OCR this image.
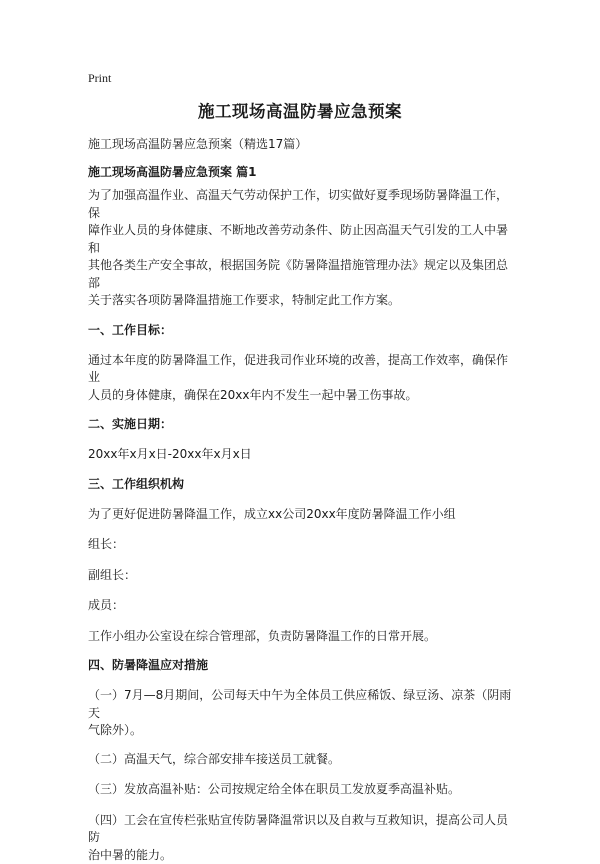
Print
施工现场高温防暑应急预案
施工现场高温防暑应急预案（精选17篇）
施工现场高温防暑应急预案 篇1
为了加强高温作业、高温天气劳动保护工作，切实做好夏季现场防暑降温工作，保
障作业人员的身体健康、不断地改善劳动条件、防止因高温天气引发的工人中暑和
其他各类生产安全事故，根据国务院《防暑降温措施管理办法》规定以及集团总部
关于落实各项防暑降温措施工作要求，特制定此工作方案。
一、工作目标：
通过本年度的防暑降温工作，促进我司作业环境的改善，提高工作效率，确保作业
人员的身体健康，确保在20xx年内不发生一起中暑工伤事故。
二、实施日期：
20xx年x月x日-20xx年x月x日
三、工作组织机构
为了更好促进防暑降温工作，成立xx公司20xx年度防暑降温工作小组
组长：
副组长：
成员：
工作小组办公室设在综合管理部，负责防暑降温工作的日常开展。
四、防暑降温应对措施
（一）7月—8月期间，公司每天中午为全体员工供应稀饭、绿豆汤、凉茶（阴雨天
气除外）。
（二）高温天气，综合部安排车接送员工就餐。
（三）发放高温补贴：公司按规定给全体在职员工发放夏季高温补贴。
（四）工会在宣传栏张贴宣传防暑降温常识以及自救与互救知识，提高公司人员防
治中暑的能力。
